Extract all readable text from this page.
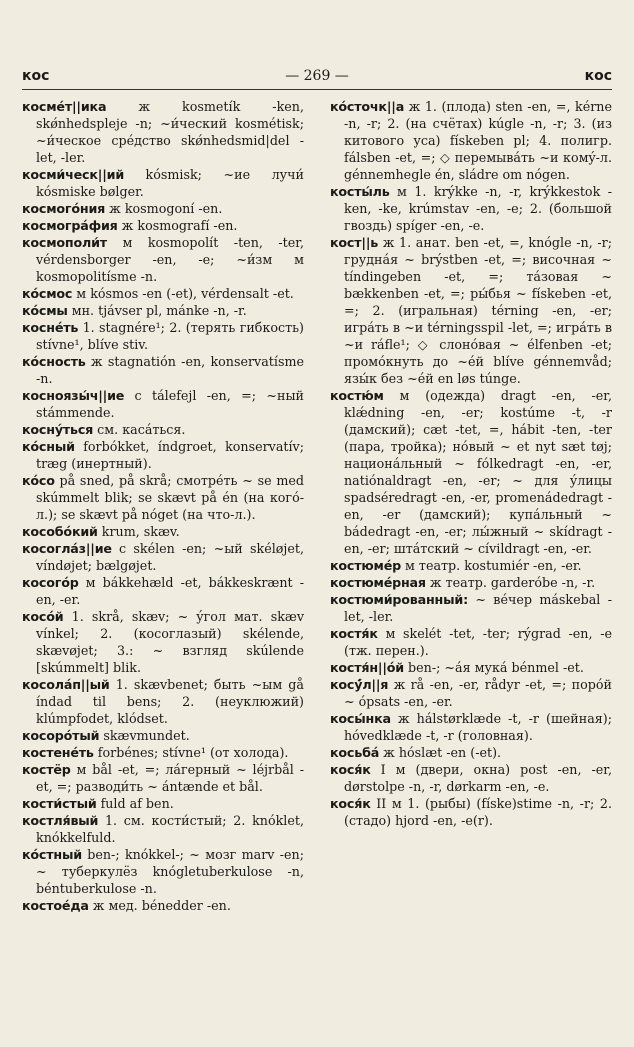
кос	— 269 —	кос

космéт||ика ж kosmetík -ken, skǿnhedspleje -n; ~и́ческий kosmétisk; ~и́ческое срéдство skǿnhedsmid|del -let, -ler.

косми́ческ||ий kósmisk; ~ие лучи́ kósmiske bølger.

космогóния ж kosmogoní -en.

космогрáфия ж kosmografí -en.

космополи́т м kosmopolít -ten, -ter, vérdensborger -en, -e; ~и́зм м kosmopolitísme -n.

кóсмос м kósmos -en (-et), vérdensalt -et.

кóсмы мн. tjávser pl, mánke -n, -r.

коснéть 1. stagnére¹; 2. (терять гибкость) stívne¹, blíve stiv.

кóсность ж stagnatión -en, konservatísme -n.

косноязы́ч||ие с tálefejl -en, =; ~ный stámmende.

коснýться см. касáться.

кóсный forbókket, índgroet, konservatív; træg (инертный).

кóсо på sned, på skrå; смотрéть ~ se med skúmmelt blik; se skævt på én (на когó-л.); se skævt på nóget (на что-л.).

кособóкий krum, skæv.

косоглáз||ие с skélen -en; ~ый skéløjet, víndøjet; bælgøjet.

косогóр м bákkehæld -et, bákkeskrænt -en, -er.

косóй 1. skrå, skæv; ~ ýгол мат. skæv vínkel; 2. (косоглазый) skélende, skævøjet; 3.: ~ взгляд skúlende [skúmmelt] blik.

косолáп||ый 1. skævbenet; быть ~ым gå índad til bens; 2. (неуклюжий) klúmpfodet, klódset.

косорóтый skævmundet.

костенéть forbénes; stívne¹ (от холода).

костёр м bål -et, =; лáгерный ~ léjrbål -et, =; разводи́ть ~ ántænde et bål.

кости́стый fuld af ben.

костля́вый 1. см. кости́стый; 2. knóklet, knókkelfuld.

кóстный ben-; knókkel-; ~ мозг marv -en; ~ туберкулёз knógletuberkulose -n, béntuberkulose -n.

костоéда ж мед. bénedder -en.

кóсточк||а ж 1. (плода) sten -en, =, kérne -n, -r; 2. (на счётах) kúgle -n, -r; 3. (из китового уса) fískeben pl; 4. полигр. fálsben -et, =; ◇ перемывáть ~и комý-л. génnemhegle én, sládre om nógen.

косты́ль м 1. krýkke -n, -r, krýkkestok -ken, -ke, krúmstav -en, -e; 2. (большой гвоздь) spíger -en, -e.

кост||ь ж 1. анат. ben -et, =, knógle -n, -r; груднáя ~ brýstben -et, =; височная ~ tíndingeben -et, =; тáзовая ~ bækkenben -et, =; ры́бья ~ fískeben -et, =; 2. (игральная) térning -en, -er; игрáть в ~и térningsspil -let, =; игрáть в ~и ráfle¹; ◇ слонóвая ~ élfenben -et; промóкнуть до ~éй blíve génnemvåd; язы́к без ~éй en løs túnge.

костю́м м (одежда) dragt -en, -er, klǽdning -en, -er; kostúme -t, -r (дамский); сæt -tet, =, hábit -ten, -ter (пара, тройка); нóвый ~ et nyt sæt tøj; национáльный ~ fólkedragt -en, -er, natiónaldragt -en, -er; ~ для ýлицы spadséredragt -en, -er, promenádedragt -en, -er (дамский); купáльный ~ bádedragt -en, -er; лы́жный ~ skídragt -en, -er; штáтский ~ cívildragt -en, -er.

костюмéр м театр. kostumiér -en, -er.

костюмéрная ж театр. garderóbe -n, -r.

костюми́рованный: ~ вéчер máskebal -let, -ler.

костя́к м skelét -tet, -ter; rýgrad -en, -e (тж. перен.).

костя́н||óй ben-; ~áя мукá bénmel -et.

косý́л||я ж rå -en, -er, rådyr -et, =; порóй ~ ópsats -en, -er.

косы́нка ж hálstørklæde -t, -r (шейная); hóvedklæde -t, -r (головная).

косьбá ж hóslæt -en (-et).

кося́к I м (двери, окна) post -en, -er, dørstolpe -n, -r, dørkarm -en, -e.

кося́к II м 1. (рыбы) (físke)stime -n, -r; 2. (стадо) hjord -en, -e(r).
